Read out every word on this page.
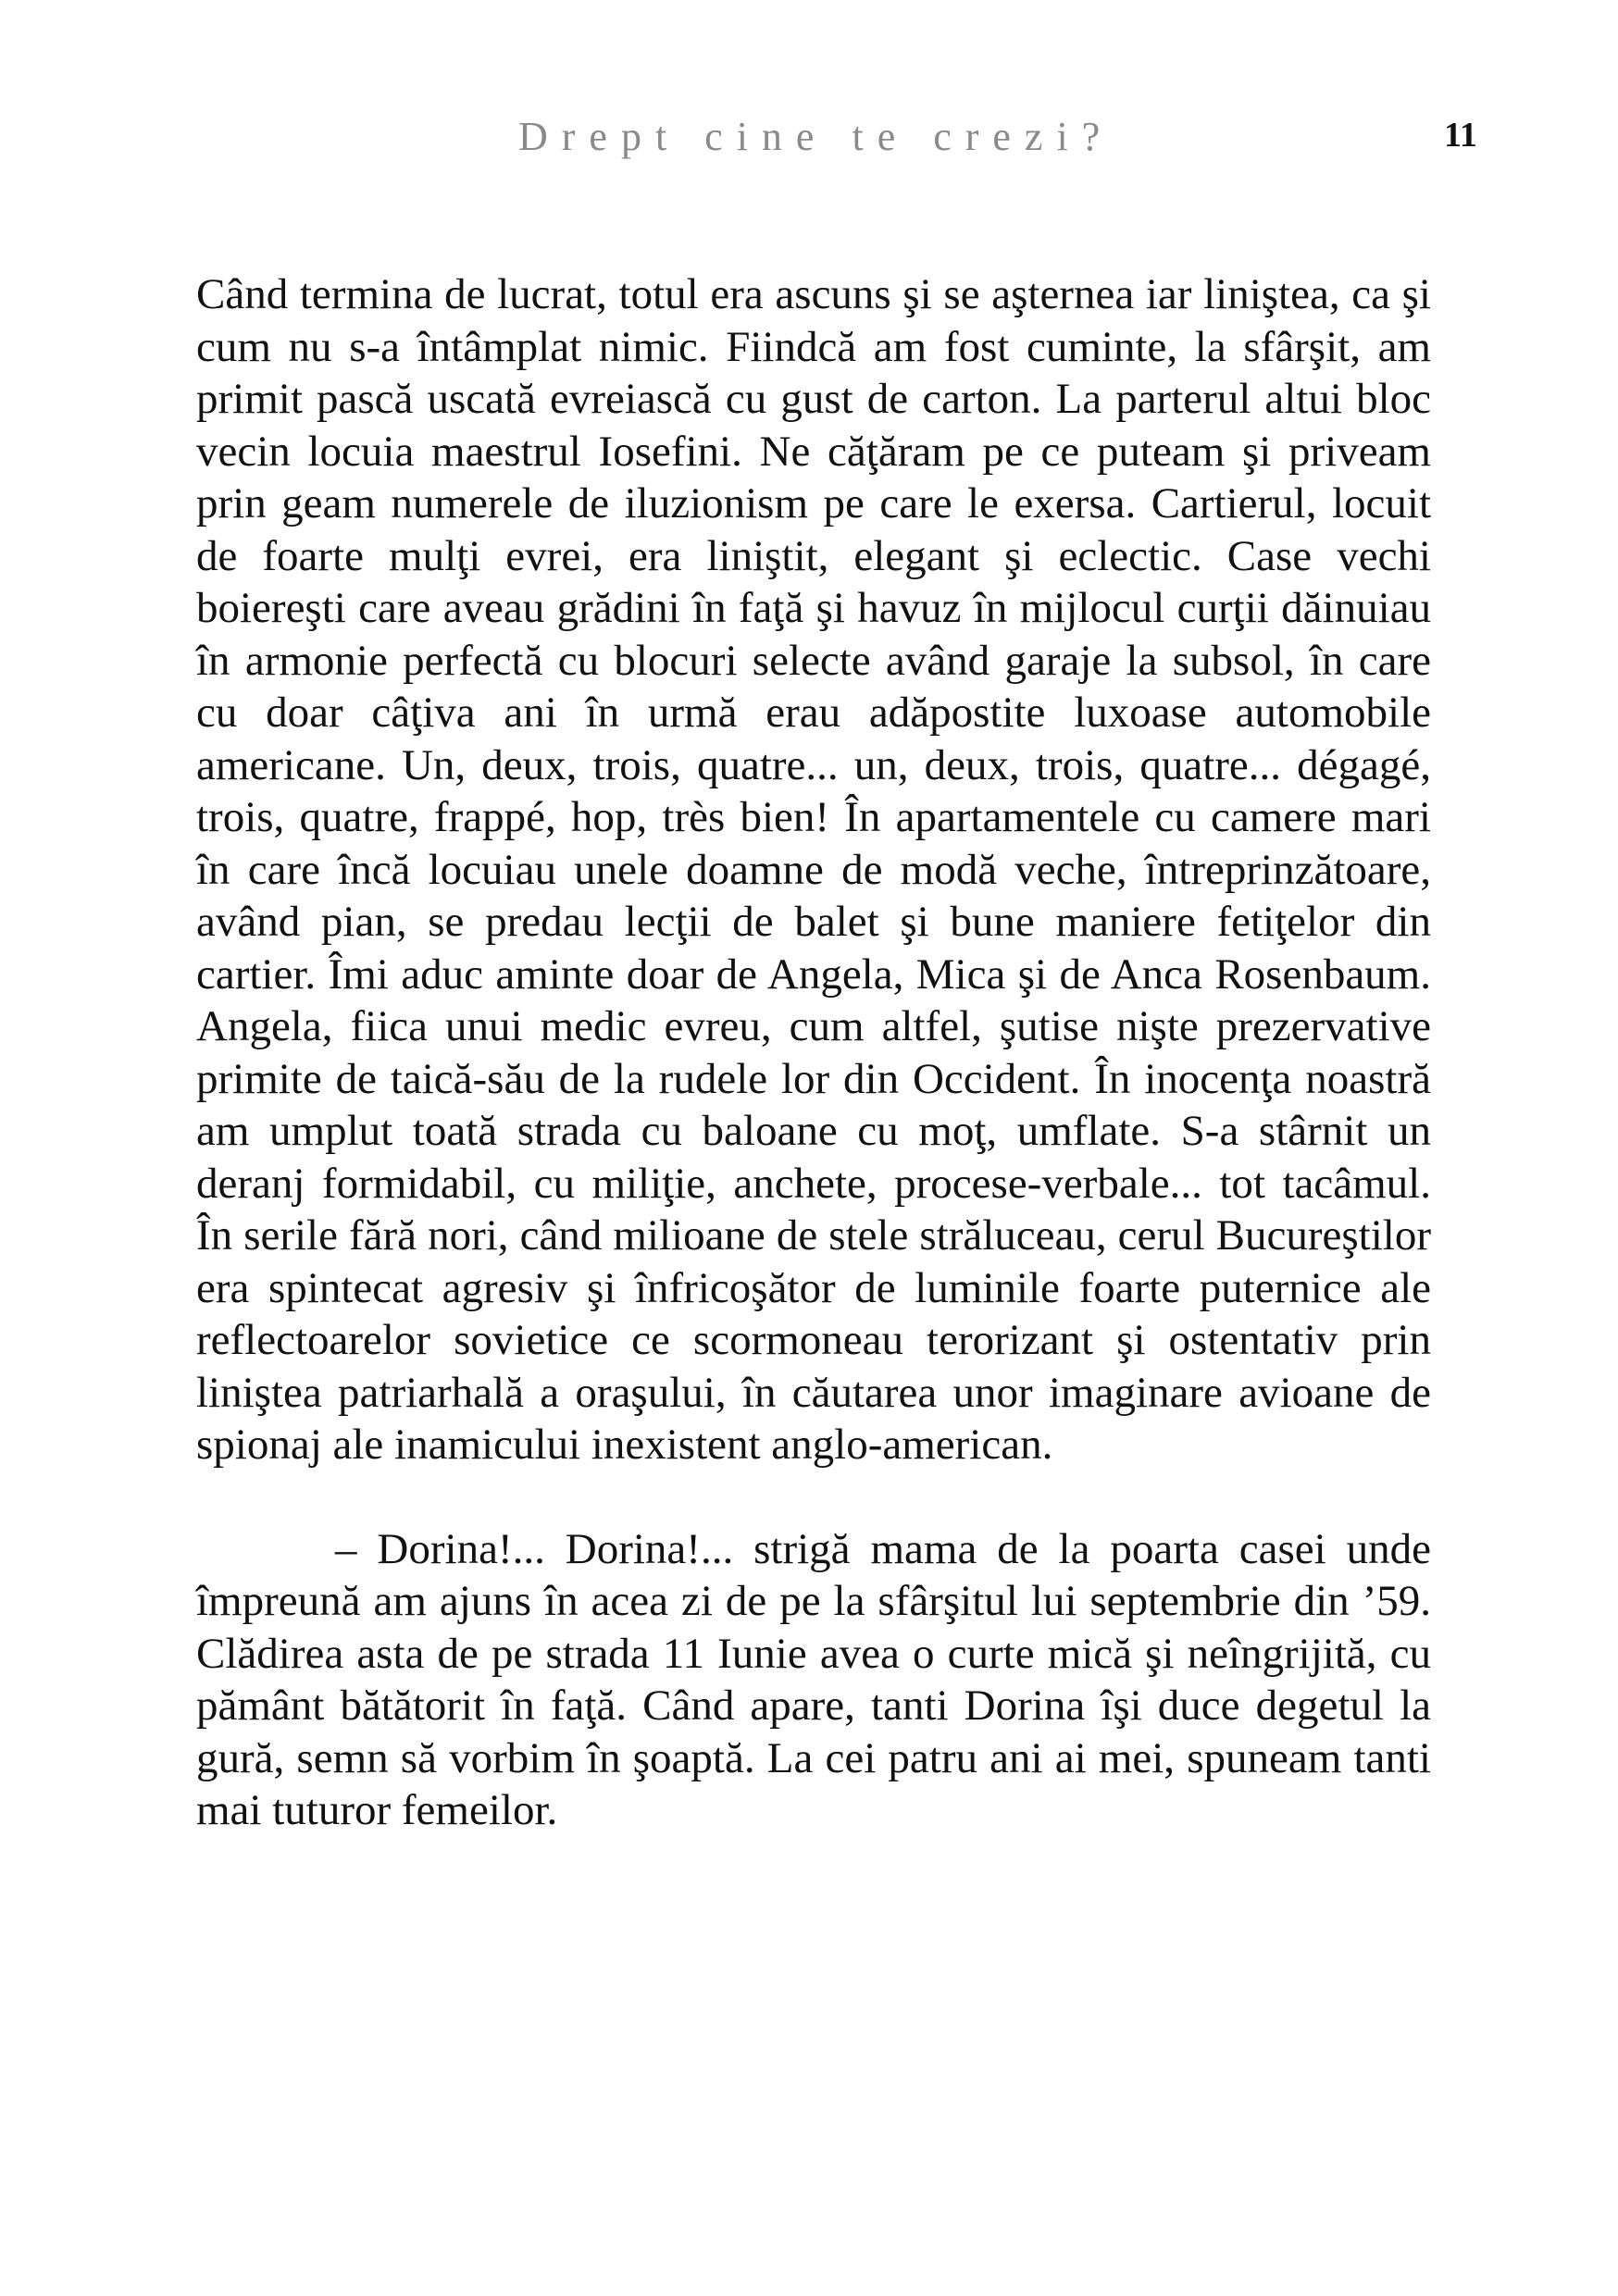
Drept cine te crezi?	11

Când termina de lucrat, totul era ascuns şi se aşternea iar liniştea, ca şi cum nu s-a întâmplat nimic. Fiindcă am fost cuminte, la sfârşit, am primit pască uscată evreiască cu gust de carton. La parterul altui bloc vecin locuia maestrul Iosefini. Ne căţăram pe ce puteam şi priveam prin geam numerele de iluzionism pe care le exersa. Cartierul, locuit de foarte mulţi evrei, era liniştit, elegant şi eclectic. Case vechi boiereşti care aveau grădini în faţă şi havuz în mijlocul curţii dăinuiau în armonie perfectă cu blocuri selecte având garaje la subsol, în care cu doar câţiva ani în urmă erau adăpostite luxoase automobile americane. Un, deux, trois, quatre... un, deux, trois, quatre... dégagé, trois, quatre, frappé, hop, très bien! În apartamentele cu camere mari în care încă locuiau unele doamne de modă veche, întreprinzătoare, având pian, se predau lecţii de balet şi bune maniere fetiţelor din cartier. Îmi aduc aminte doar de Angela, Mica şi de Anca Rosenbaum. Angela, fiica unui medic evreu, cum altfel, şutise nişte prezervative primite de taică-său de la rudele lor din Occident. În inocenţa noastră am umplut toată strada cu baloane cu moţ, umflate. S-a stârnit un deranj formidabil, cu miliţie, anchete, procese-verbale... tot tacâmul. În serile fără nori, când milioane de stele străluceau, cerul Bucureştilor era spintecat agresiv şi înfricoşător de luminile foarte puternice ale reflectoarelor sovietice ce scormoneau terorizant şi ostentativ prin liniştea patriarhală a oraşului, în căutarea unor imaginare avioane de spionaj ale inamicului inexistent anglo-american.

– Dorina!... Dorina!... strigă mama de la poarta casei unde împreună am ajuns în acea zi de pe la sfârşitul lui septembrie din ’59. Clădirea asta de pe strada 11 Iunie avea o curte mică şi neîngrijită, cu pământ bătătorit în faţă. Când apare, tanti Dorina îşi duce degetul la gură, semn să vorbim în şoaptă. La cei patru ani ai mei, spuneam tanti mai tuturor femeilor.
